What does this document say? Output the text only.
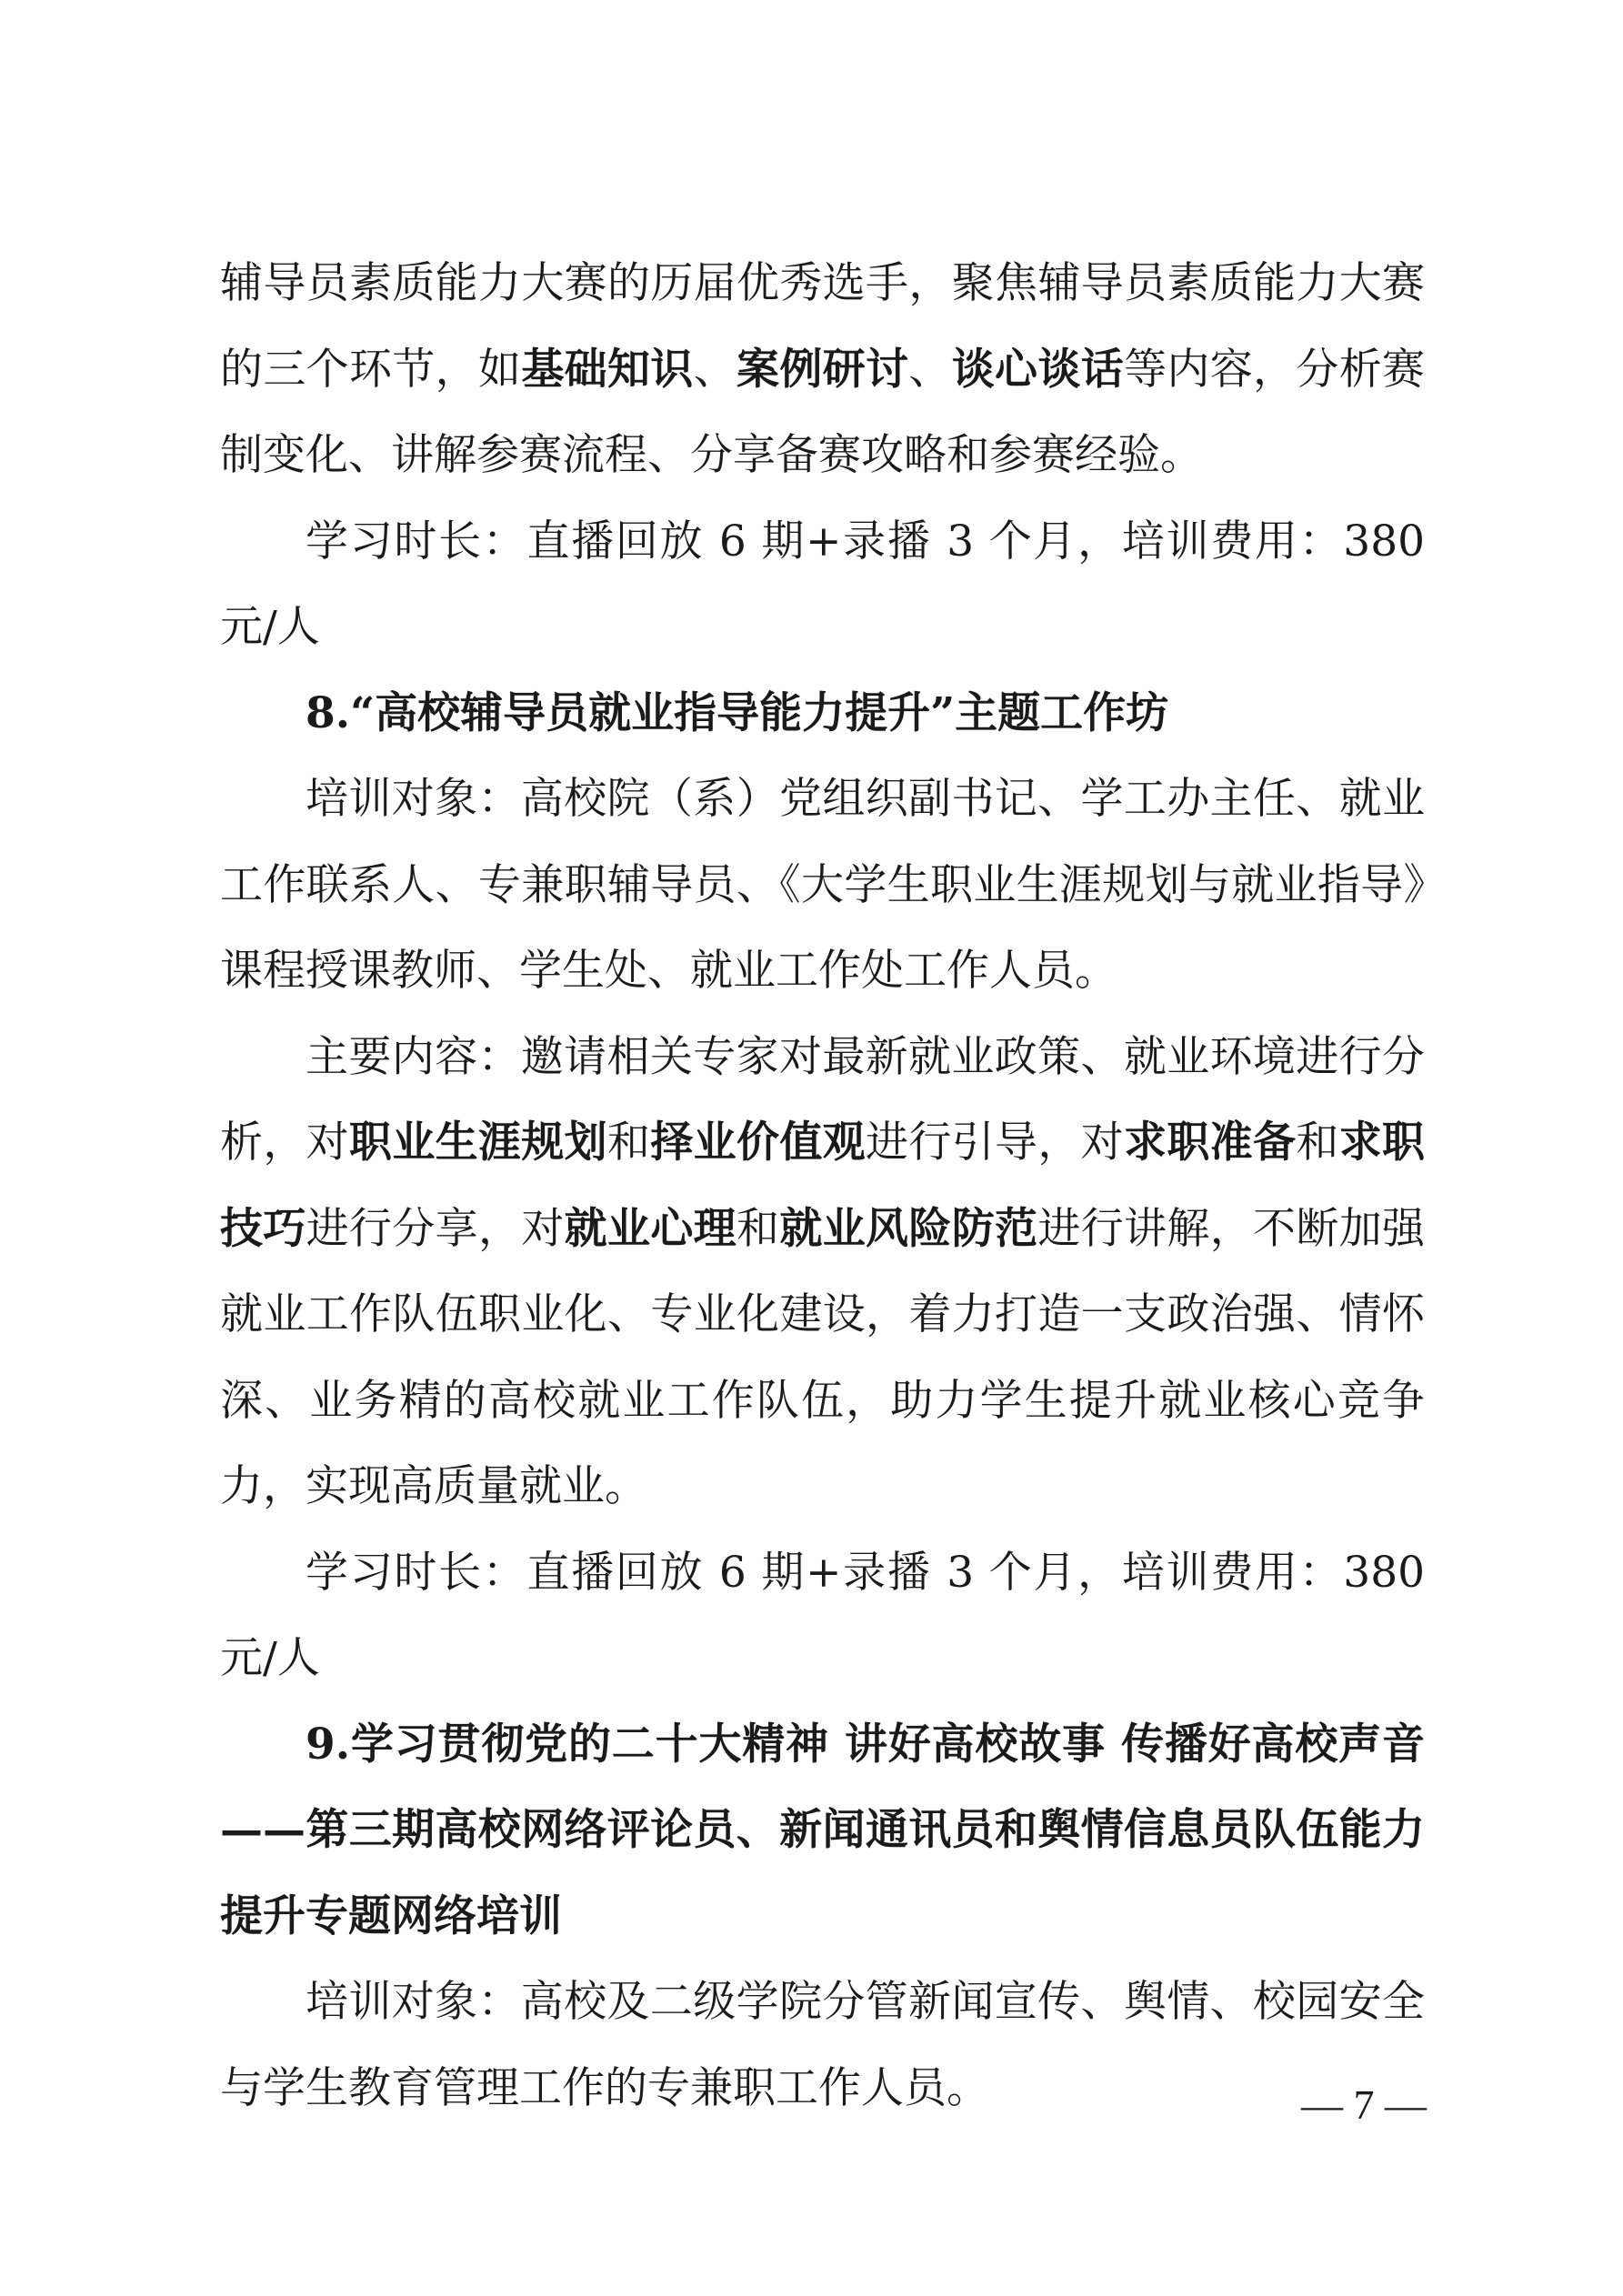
辅导员素质能力大赛的历届优秀选手，聚焦辅导员素质能力大赛的三个环节，如基础知识、案例研讨、谈心谈话等内容，分析赛制变化、讲解参赛流程、分享备赛攻略和参赛经验。

学习时长：直播回放 6 期+录播 3 个月，培训费用：380 元/人

8.“高校辅导员就业指导能力提升”主题工作坊

培训对象：高校院（系）党组织副书记、学工办主任、就业工作联系人、专兼职辅导员、《大学生职业生涯规划与就业指导》课程授课教师、学生处、就业工作处工作人员。

主要内容：邀请相关专家对最新就业政策、就业环境进行分析，对职业生涯规划和择业价值观进行引导，对求职准备和求职技巧进行分享，对就业心理和就业风险防范进行讲解，不断加强就业工作队伍职业化、专业化建设，着力打造一支政治强、情怀深、业务精的高校就业工作队伍，助力学生提升就业核心竞争力，实现高质量就业。

学习时长：直播回放 6 期+录播 3 个月，培训费用：380 元/人

9.学习贯彻党的二十大精神 讲好高校故事 传播好高校声音——第三期高校网络评论员、新闻通讯员和舆情信息员队伍能力提升专题网络培训

培训对象：高校及二级学院分管新闻宣传、舆情、校园安全与学生教育管理工作的专兼职工作人员。	— 7 —
